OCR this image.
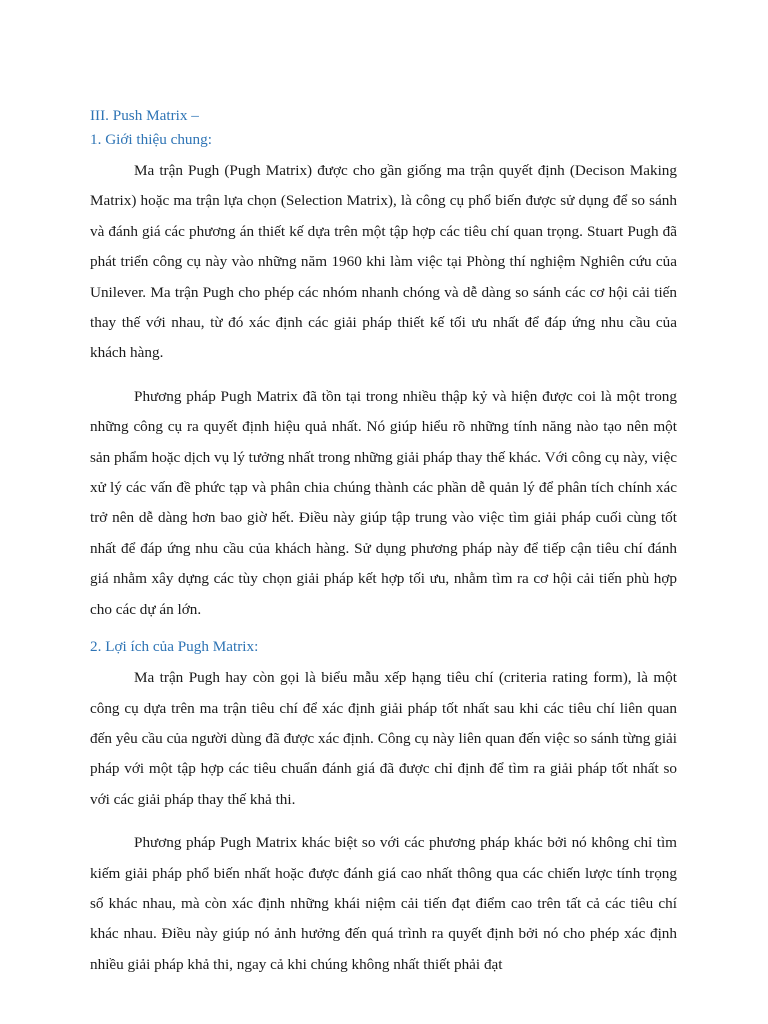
III. Push Matrix –
1. Giới thiệu chung:

Ma trận Pugh (Pugh Matrix) được cho gần giống ma trận quyết định (Decison Making Matrix) hoặc ma trận lựa chọn (Selection Matrix), là công cụ phổ biến được sử dụng để so sánh và đánh giá các phương án thiết kế dựa trên một tập hợp các tiêu chí quan trọng. Stuart Pugh đã phát triển công cụ này vào những năm 1960 khi làm việc tại Phòng thí nghiệm Nghiên cứu của Unilever. Ma trận Pugh cho phép các nhóm nhanh chóng và dễ dàng so sánh các cơ hội cải tiến thay thế với nhau, từ đó xác định các giải pháp thiết kế tối ưu nhất để đáp ứng nhu cầu của khách hàng.

Phương pháp Pugh Matrix đã tồn tại trong nhiều thập kỷ và hiện được coi là một trong những công cụ ra quyết định hiệu quả nhất. Nó giúp hiểu rõ những tính năng nào tạo nên một sản phẩm hoặc dịch vụ lý tưởng nhất trong những giải pháp thay thế khác. Với công cụ này, việc xử lý các vấn đề phức tạp và phân chia chúng thành các phần dễ quản lý để phân tích chính xác trở nên dễ dàng hơn bao giờ hết. Điều này giúp tập trung vào việc tìm giải pháp cuối cùng tốt nhất để đáp ứng nhu cầu của khách hàng. Sử dụng phương pháp này để tiếp cận tiêu chí đánh giá nhằm xây dựng các tùy chọn giải pháp kết hợp tối ưu, nhằm tìm ra cơ hội cải tiến phù hợp cho các dự án lớn.

2. Lợi ích của Pugh Matrix:

Ma trận Pugh hay còn gọi là biểu mẫu xếp hạng tiêu chí (criteria rating form), là một công cụ dựa trên ma trận tiêu chí để xác định giải pháp tốt nhất sau khi các tiêu chí liên quan đến yêu cầu của người dùng đã được xác định. Công cụ này liên quan đến việc so sánh từng giải pháp với một tập hợp các tiêu chuẩn đánh giá đã được chỉ định để tìm ra giải pháp tốt nhất so với các giải pháp thay thế khả thi.

Phương pháp Pugh Matrix khác biệt so với các phương pháp khác bởi nó không chỉ tìm kiếm giải pháp phổ biến nhất hoặc được đánh giá cao nhất thông qua các chiến lược tính trọng số khác nhau, mà còn xác định những khái niệm cải tiến đạt điểm cao trên tất cả các tiêu chí khác nhau. Điều này giúp nó ảnh hưởng đến quá trình ra quyết định bởi nó cho phép xác định nhiều giải pháp khả thi, ngay cả khi chúng không nhất thiết phải đạt
